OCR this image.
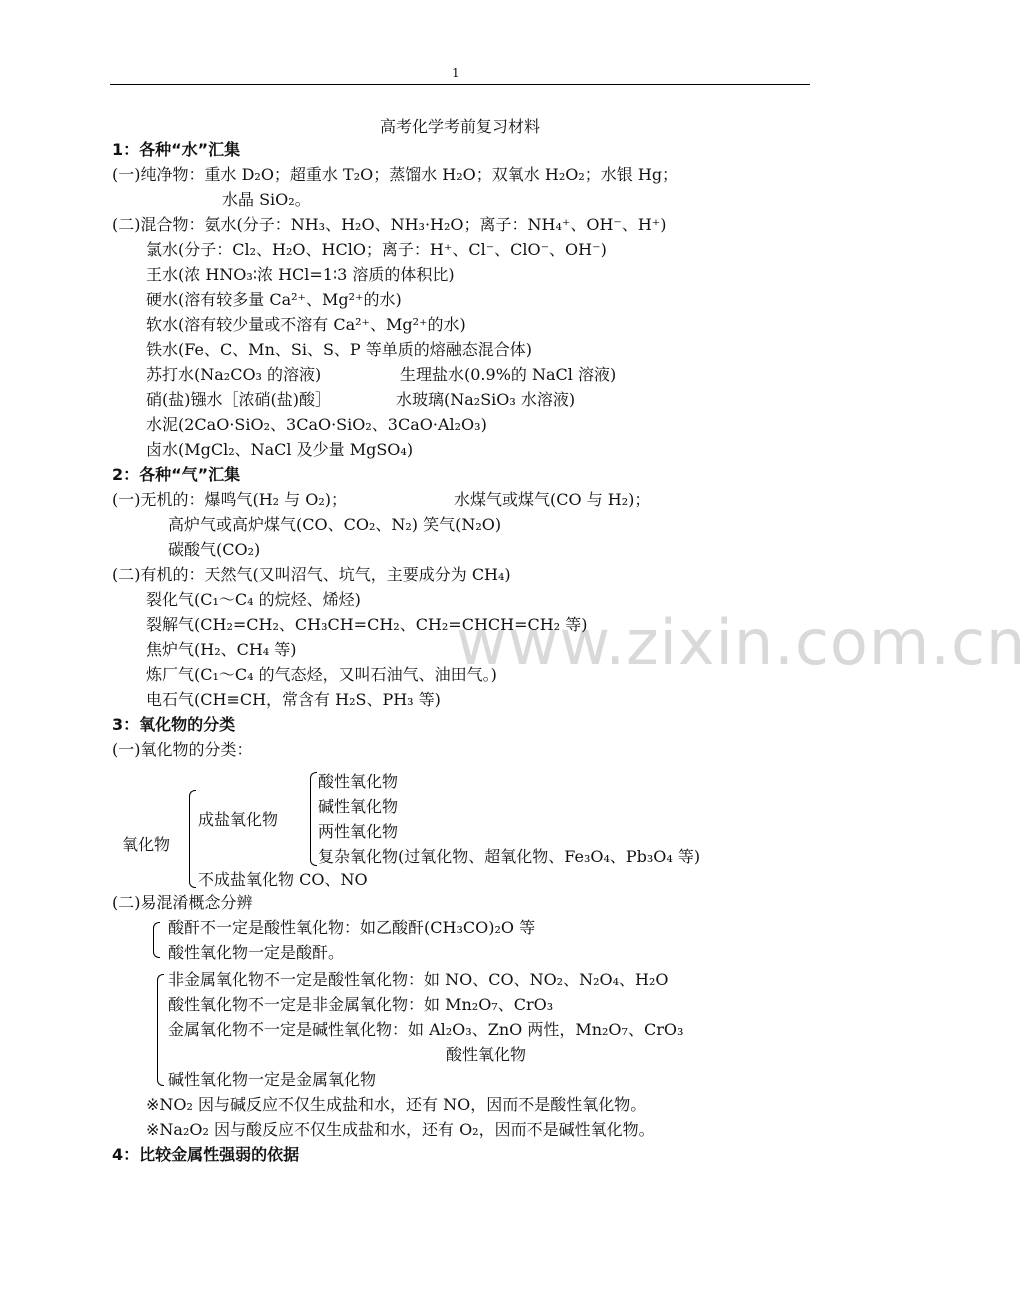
1
高考化学考前复习材料
www.zixin.com.cn
1：各种“水”汇集
(一)纯净物：重水 D₂O；超重水 T₂O；蒸馏水 H₂O；双氧水 H₂O₂；水银 Hg；
水晶 SiO₂。
(二)混合物：氨水(分子：NH₃、H₂O、NH₃·H₂O；离子：NH₄⁺、OH⁻、H⁺)
氯水(分子：Cl₂、H₂O、HClO；离子：H⁺、Cl⁻、ClO⁻、OH⁻)
王水(浓 HNO₃∶浓 HCl=1∶3 溶质的体积比)
硬水(溶有较多量 Ca²⁺、Mg²⁺的水)
软水(溶有较少量或不溶有 Ca²⁺、Mg²⁺的水)
铁水(Fe、C、Mn、Si、S、P 等单质的熔融态混合体)
苏打水(Na₂CO₃ 的溶液)	生理盐水(0.9%的 NaCl 溶液)
硝(盐)镪水［浓硝(盐)酸］	水玻璃(Na₂SiO₃ 水溶液)
水泥(2CaO·SiO₂、3CaO·SiO₂、3CaO·Al₂O₃)
卤水(MgCl₂、NaCl 及少量 MgSO₄)
2：各种“气”汇集
(一)无机的：爆鸣气(H₂ 与 O₂)；	水煤气或煤气(CO 与 H₂)；
高炉气或高炉煤气(CO、CO₂、N₂) 笑气(N₂O)
碳酸气(CO₂)
(二)有机的：天然气(又叫沼气、坑气，主要成分为 CH₄)
裂化气(C₁～C₄ 的烷烃、烯烃)
裂解气(CH₂=CH₂、CH₃CH=CH₂、CH₂=CHCH=CH₂ 等)
焦炉气(H₂、CH₄ 等)
炼厂气(C₁～C₄ 的气态烃，又叫石油气、油田气。)
电石气(CH≡CH，常含有 H₂S、PH₃ 等)
3：氧化物的分类
(一)氧化物的分类：
酸性氧化物
碱性氧化物
成盐氧化物
两性氧化物
氧化物
复杂氧化物(过氧化物、超氧化物、Fe₃O₄、Pb₃O₄ 等)
不成盐氧化物 CO、NO
(二)易混淆概念分辨
酸酐不一定是酸性氧化物：如乙酸酐(CH₃CO)₂O 等
酸性氧化物一定是酸酐。
非金属氧化物不一定是酸性氧化物：如 NO、CO、NO₂、N₂O₄、H₂O
酸性氧化物不一定是非金属氧化物：如 Mn₂O₇、CrO₃
金属氧化物不一定是碱性氧化物：如 Al₂O₃、ZnO 两性，Mn₂O₇、CrO₃
酸性氧化物
碱性氧化物一定是金属氧化物
※NO₂ 因与碱反应不仅生成盐和水，还有 NO，因而不是酸性氧化物。
※Na₂O₂ 因与酸反应不仅生成盐和水，还有 O₂，因而不是碱性氧化物。
4：比较金属性强弱的依据
